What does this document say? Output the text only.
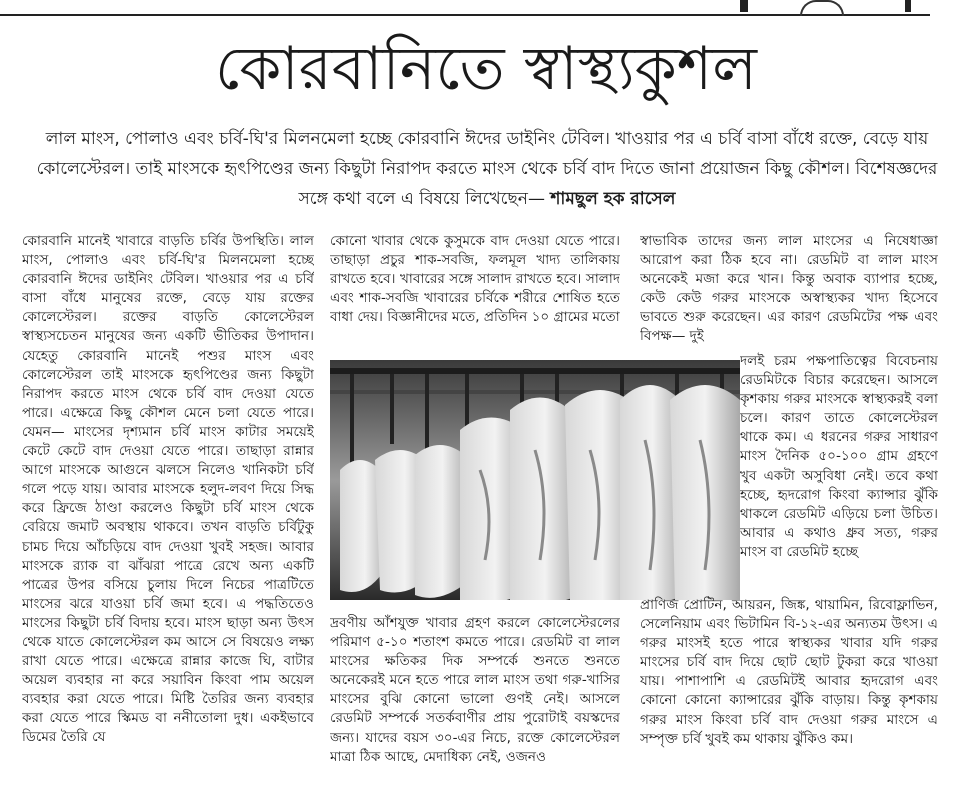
কোরবানিতে স্বাস্থ্যকুশল

লাল মাংস, পোলাও এবং চর্বি-ঘি'র মিলনমেলা হচ্ছে কোরবানি ঈদের ডাইনিং টেবিল। খাওয়ার পর এ চর্বি বাসা বাঁধে রক্তে, বেড়ে যায় কোলেস্টেরল। তাই মাংসকে হৃৎপিণ্ডের জন্য কিছুটা নিরাপদ করতে মাংস থেকে চর্বি বাদ দিতে জানা প্রয়োজন কিছু কৌশল। বিশেষজ্ঞদের সঙ্গে কথা বলে এ বিষয়ে লিখেছেন— শামছুল হক রাসেল

কোরবানি মানেই খাবারে বাড়তি চর্বির উপস্থিতি। লাল মাংস, পোলাও এবং চর্বি-ঘি'র মিলনমেলা হচ্ছে কোরবানি ঈদের ডাইনিং টেবিল। খাওয়ার পর এ চর্বি বাসা বাঁধে মানুষের রক্তে, বেড়ে যায় রক্তের কোলেস্টেরল। রক্তের বাড়তি কোলেস্টেরল স্বাস্থ্যসচেতন মানুষের জন্য একটি ভীতিকর উপাদান। যেহেতু কোরবানি মানেই পশুর মাংস এবং কোলেস্টেরল তাই মাংসকে হৃৎপিণ্ডের জন্য কিছুটা নিরাপদ করতে মাংস থেকে চর্বি বাদ দেওয়া যেতে পারে। এক্ষেত্রে কিছু কৌশল মেনে চলা যেতে পারে। যেমন— মাংসের দৃশ্যমান চর্বি মাংস কাটার সময়েই কেটে কেটে বাদ দেওয়া যেতে পারে। তাছাড়া রান্নার আগে মাংসকে আগুনে ঝলসে নিলেও খানিকটা চর্বি গলে পড়ে যায়। আবার মাংসকে হলুদ-লবণ দিয়ে সিদ্ধ করে ফ্রিজে ঠাণ্ডা করলেও কিছুটা চর্বি মাংস থেকে বেরিয়ে জমাট অবস্থায় থাকবে। তখন বাড়তি চর্বিটুকু চামচ দিয়ে আঁচড়িয়ে বাদ দেওয়া খুবই সহজ। আবার মাংসকে র‍্যাক বা ঝাঁঝরা পাত্রে রেখে অন্য একটি পাত্রের উপর বসিয়ে চুলায় দিলে নিচের পাত্রটিতে মাংসের ঝরে যাওয়া চর্বি জমা হবে। এ পদ্ধতিতেও মাংসের কিছুটা চর্বি বিদায় হবে। মাংস ছাড়া অন্য উৎস থেকে যাতে কোলেস্টেরল কম আসে সে বিষয়েও লক্ষ্য রাখা যেতে পারে। এক্ষেত্রে রান্নার কাজে ঘি, বাটার অয়েল ব্যবহার না করে সয়াবিন কিংবা পাম অয়েল ব্যবহার করা যেতে পারে। মিষ্টি তৈরির জন্য ব্যবহার করা যেতে পারে স্কিমড বা ননীতোলা দুধ। একইভাবে ডিমের তৈরি যে
কোনো খাবার থেকে কুসুমকে বাদ দেওয়া যেতে পারে। তাছাড়া প্রচুর শাক-সবজি, ফলমূল খাদ্য তালিকায় রাখতে হবে। খাবারের সঙ্গে সালাদ রাখতে হবে। সালাদ এবং শাক-সবজি খাবারের চর্বিকে শরীরে শোষিত হতে বাধা দেয়। বিজ্ঞানীদের মতে, প্রতিদিন ১০ গ্রামের মতো
দ্রবণীয় আঁশযুক্ত খাবার গ্রহণ করলে কোলেস্টেরলের পরিমাণ ৫-১০ শতাংশ কমতে পারে। রেডমিট বা লাল মাংসের ক্ষতিকর দিক সম্পর্কে শুনতে শুনতে অনেকেরই মনে হতে পারে লাল মাংস তথা গরু-খাসির মাংসের বুঝি কোনো ভালো গুণই নেই। আসলে রেডমিট সম্পর্কে সতর্কবাণীর প্রায় পুরোটাই বয়স্কদের জন্য। যাদের বয়স ৩০-এর নিচে, রক্তে কোলেস্টেরল মাত্রা ঠিক আছে, মেদাধিক্য নেই, ওজনও
স্বাভাবিক তাদের জন্য লাল মাংসের এ নিষেধাজ্ঞা আরোপ করা ঠিক হবে না। রেডমিট বা লাল মাংস অনেকেই মজা করে খান। কিন্তু অবাক ব্যাপার হচ্ছে, কেউ কেউ গরুর মাংসকে অস্বাস্থ্যকর খাদ্য হিসেবে ভাবতে শুরু করেছেন। এর কারণ রেডমিটের পক্ষ এবং বিপক্ষ— দুই
দলই চরম পক্ষপাতিত্বের বিবেচনায় রেডমিটকে বিচার করেছেন। আসলে কৃশকায় গরুর মাংসকে স্বাস্থ্যকরই বলা চলে। কারণ তাতে কোলেস্টেরল থাকে কম। এ ধরনের গরুর সাধারণ মাংস দৈনিক ৫০-১০০ গ্রাম গ্রহণে খুব একটা অসুবিধা নেই। তবে কথা হচ্ছে, হৃদরোগ কিংবা ক্যান্সার ঝুঁকি থাকলে রেডমিট এড়িয়ে চলা উচিত। আবার এ কথাও ধ্রুব সত্য, গরুর মাংস বা রেডমিট হচ্ছে
প্রাণিজ প্রোটিন, আয়রন, জিঙ্ক, থায়ামিন, রিবোফ্লাভিন, সেলেনিয়াম এবং ভিটামিন বি-১২-এর অন্যতম উৎস। এ গরুর মাংসই হতে পারে স্বাস্থ্যকর খাবার যদি গরুর মাংসের চর্বি বাদ দিয়ে ছোট ছোট টুকরা করে খাওয়া যায়। পাশাপাশি এ রেডমিটই আবার হৃদরোগ এবং কোনো কোনো ক্যান্সারের ঝুঁকি বাড়ায়। কিন্তু কৃশকায় গরুর মাংস কিংবা চর্বি বাদ দেওয়া গরুর মাংসে এ সম্পৃক্ত চর্বি খুবই কম থাকায় ঝুঁকিও কম।
